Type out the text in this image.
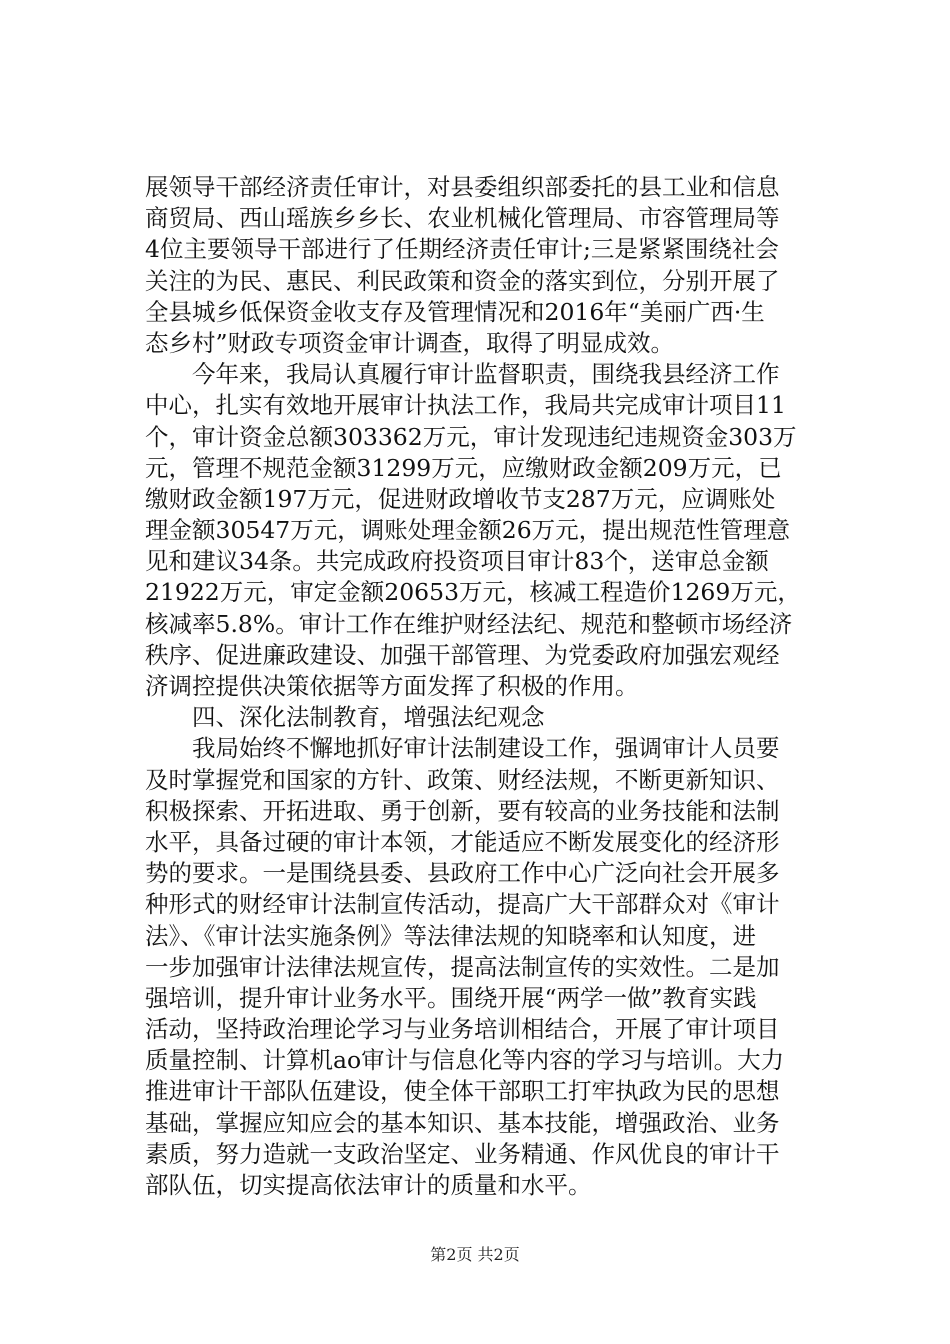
展领导干部经济责任审计，对县委组织部委托的县工业和信息
商贸局、西山瑶族乡乡长、农业机械化管理局、市容管理局等
4位主要领导干部进行了任期经济责任审计;三是紧紧围绕社会
关注的为民、惠民、利民政策和资金的落实到位，分别开展了
全县城乡低保资金收支存及管理情况和2016年“美丽广西·生
态乡村”财政专项资金审计调查，取得了明显成效。
今年来，我局认真履行审计监督职责，围绕我县经济工作
中心，扎实有效地开展审计执法工作，我局共完成审计项目11
个，审计资金总额303362万元，审计发现违纪违规资金303万
元，管理不规范金额31299万元，应缴财政金额209万元，已
缴财政金额197万元，促进财政增收节支287万元，应调账处
理金额30547万元，调账处理金额26万元，提出规范性管理意
见和建议34条。共完成政府投资项目审计83个，送审总金额
21922万元，审定金额20653万元，核减工程造价1269万元，
核减率5.8%。审计工作在维护财经法纪、规范和整顿市场经济
秩序、促进廉政建设、加强干部管理、为党委政府加强宏观经
济调控提供决策依据等方面发挥了积极的作用。
四、深化法制教育，增强法纪观念
我局始终不懈地抓好审计法制建设工作，强调审计人员要
及时掌握党和国家的方针、政策、财经法规，不断更新知识、
积极探索、开拓进取、勇于创新，要有较高的业务技能和法制
水平，具备过硬的审计本领，才能适应不断发展变化的经济形
势的要求。一是围绕县委、县政府工作中心广泛向社会开展多
种形式的财经审计法制宣传活动，提高广大干部群众对《审计
法》、《审计法实施条例》等法律法规的知晓率和认知度，进
一步加强审计法律法规宣传，提高法制宣传的实效性。二是加
强培训，提升审计业务水平。围绕开展“两学一做”教育实践
活动，坚持政治理论学习与业务培训相结合，开展了审计项目
质量控制、计算机ao审计与信息化等内容的学习与培训。大力
推进审计干部队伍建设，使全体干部职工打牢执政为民的思想
基础，掌握应知应会的基本知识、基本技能，增强政治、业务
素质，努力造就一支政治坚定、业务精通、作风优良的审计干
部队伍，切实提高依法审计的质量和水平。
第2页 共2页
